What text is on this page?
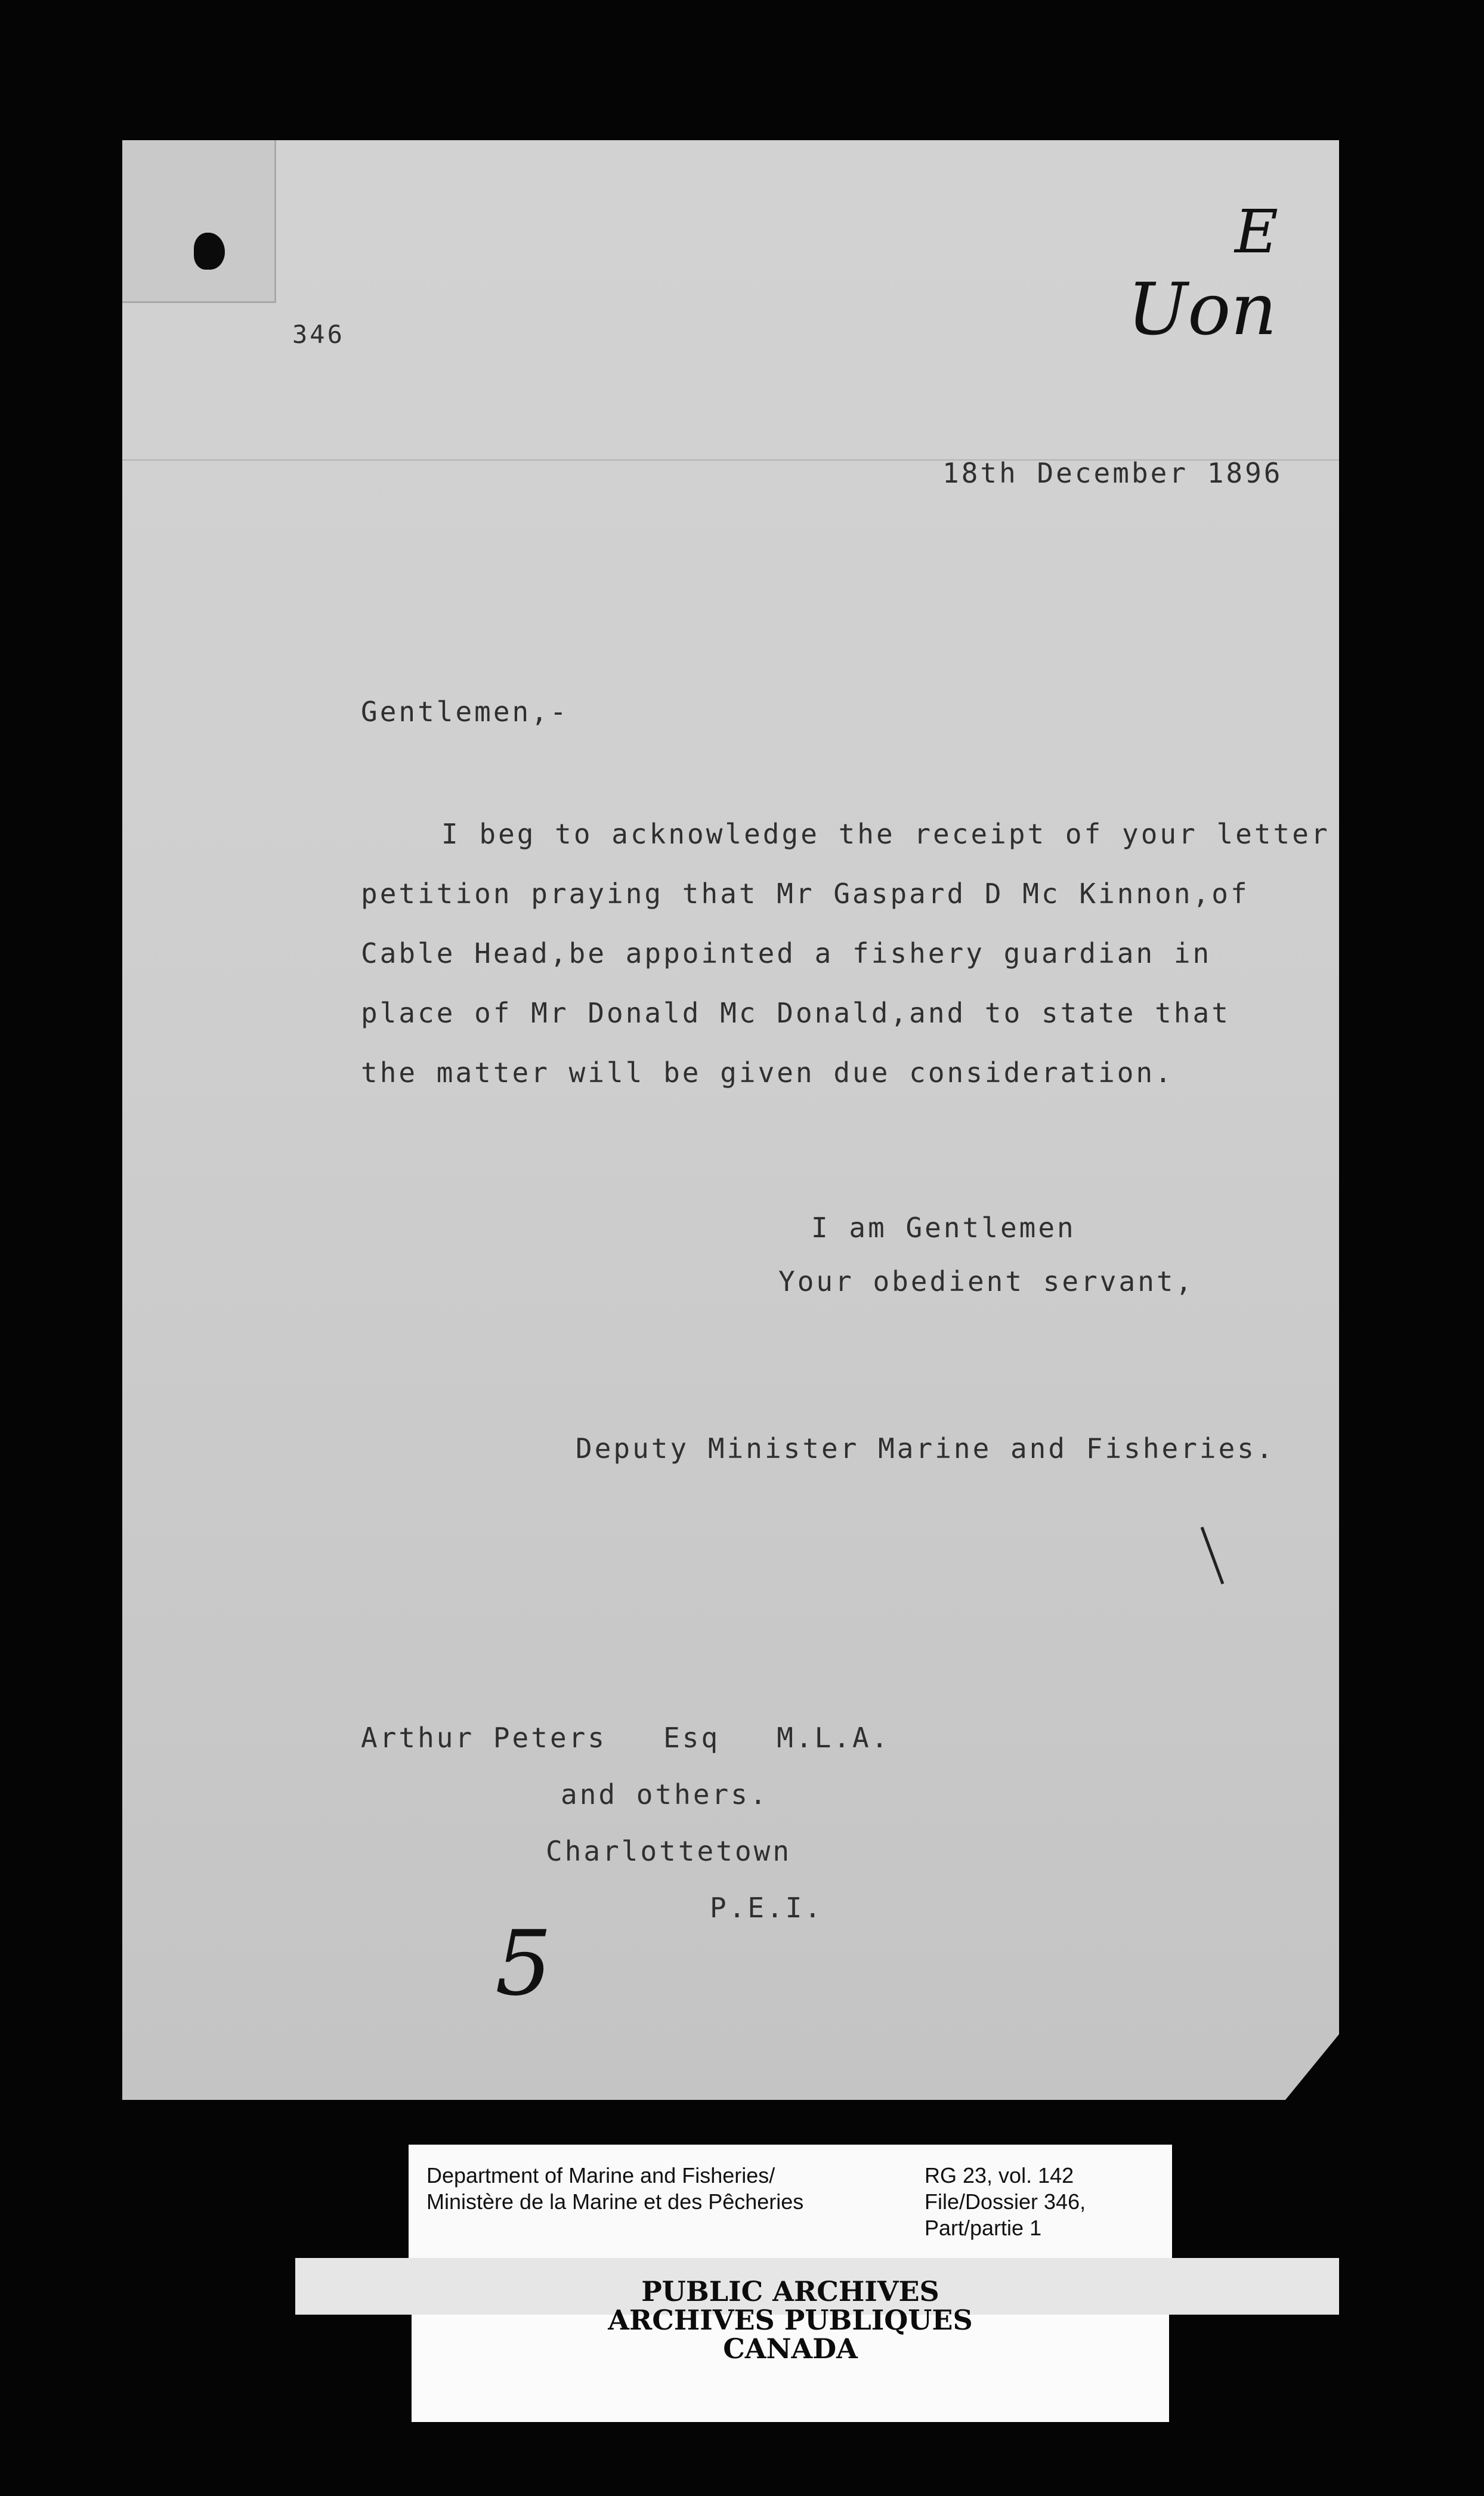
346	Uon
E
18th December 1896
Gentlemen,-
I beg to acknowledge the receipt of your letter
petition praying that Mr Gaspard D Mc Kinnon,of
Cable Head,be appointed a fishery guardian in
place of Mr Donald Mc Donald,and to state that
the matter will be given due consideration.
I am Gentlemen
Your obedient servant,
Deputy Minister Marine and Fisheries.
Arthur Peters   Esq   M.L.A.
and others.
Charlottetown
P.E.I.
5
Department of Marine and Fisheries/
Ministère de la Marine et des Pêcheries
RG 23, vol. 142
File/Dossier 346,
Part/partie 1
PUBLIC ARCHIVES
ARCHIVES PUBLIQUES
CANADA
